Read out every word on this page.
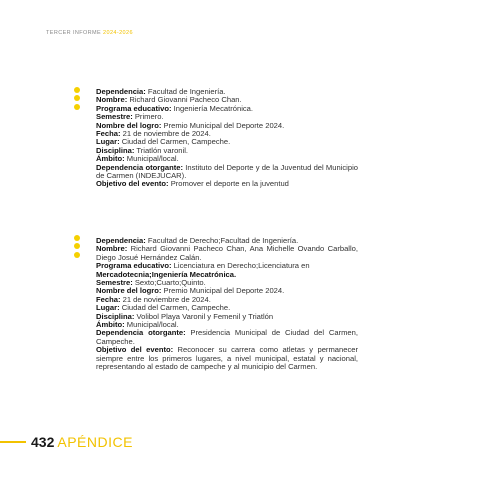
TERCER INFORME 2024-2026

Dependencia: Facultad de Ingeniería.

Nombre: Richard Giovanni Pacheco Chan.

Programa educativo: Ingeniería Mecatrónica.

Semestre: Primero.

Nombre del logro: Premio Municipal del Deporte 2024.

Fecha: 21 de noviembre de 2024.

Lugar: Ciudad del Carmen, Campeche.

Disciplina: Triatlón varonil.

Ámbito: Municipal/local.

Dependencia otorgante: Instituto del Deporte y de la Juventud del Municipio de Carmen (INDEJUCAR).

Objetivo del evento: Promover el deporte en la juventud

Dependencia: Facultad de Derecho;Facultad de Ingeniería.

Nombre: Richard Giovanni Pacheco Chan, Ana Michelle Ovando Carballo, Diego Josué Hernández Calán.

Programa educativo: Licenciatura en Derecho;Licenciatura en

Mercadotecnia;Ingeniería Mecatrónica.

Semestre: Sexto;Cuarto;Quinto.

Nombre del logro: Premio Municipal del Deporte 2024.

Fecha: 21 de noviembre de 2024.

Lugar: Ciudad del Carmen, Campeche.

Disciplina: Volibol Playa Varonil y Femenil y Triatlón

Ámbito: Municipal/local.

Dependencia otorgante: Presidencia Municipal de Ciudad del Carmen, Campeche.

Objetivo del evento: Reconocer su carrera como atletas y permanecer siempre entre los primeros lugares, a nivel municipal, estatal y nacional, representando al estado de campeche y al municipio del Carmen.

432 APÉNDICE
